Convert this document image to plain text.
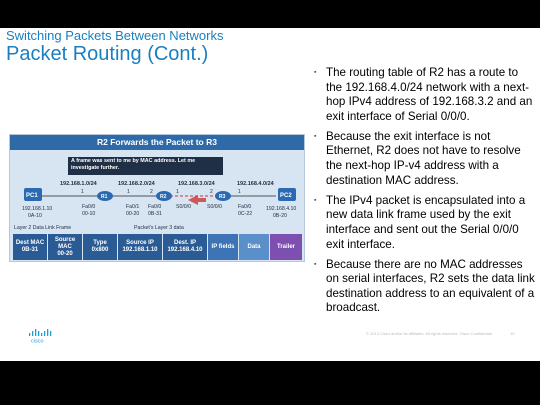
Switching Packets Between Networks
Packet Routing (Cont.)
▪ The routing table of R2 has a route to the 192.168.4.0/24 network with a next-hop IPv4 address of 192.168.3.2 and an exit interface of Serial 0/0/0.
▪ Because the exit interface is not Ethernet, R2 does not have to resolve the next-hop IP-v4 address with a destination MAC address.
▪ The IPv4 packet is encapsulated into a new data link frame used by the exit interface and sent out the Serial 0/0/0 exit interface.
▪ Because there are no MAC addresses on serial interfaces, R2 sets the data link destination address to an equivalent of a broadcast.
R2 Forwards the Packet to R3
A frame was sent to me by MAC address. Let me investigate further.
192.168.1.0/24	192.168.2.0/24	192.168.3.0/24	192.168.4.0/24
PC1
192.168.1.10
0A-10
R1	R2	R3
1
Fa0/0
00-10
1
Fa0/1
00-20
2
Fa0/0
0B-31
1
S0/0/0
2
S0/0/0
1
Fa0/0
0C-22
PC2
192.168.4.10
0B-20
Layer 2 Data Link Frame	Packet's Layer 3 data
Dest MAC
0B-31
Source MAC
00-20
Type
0x800
Source IP
192.168.1.10
Dest. IP
192.168.4.10
IP fields	Data	Trailer
cisco
© 2013 Cisco and/or its affiliates. All rights reserved. Cisco Confidential	15
